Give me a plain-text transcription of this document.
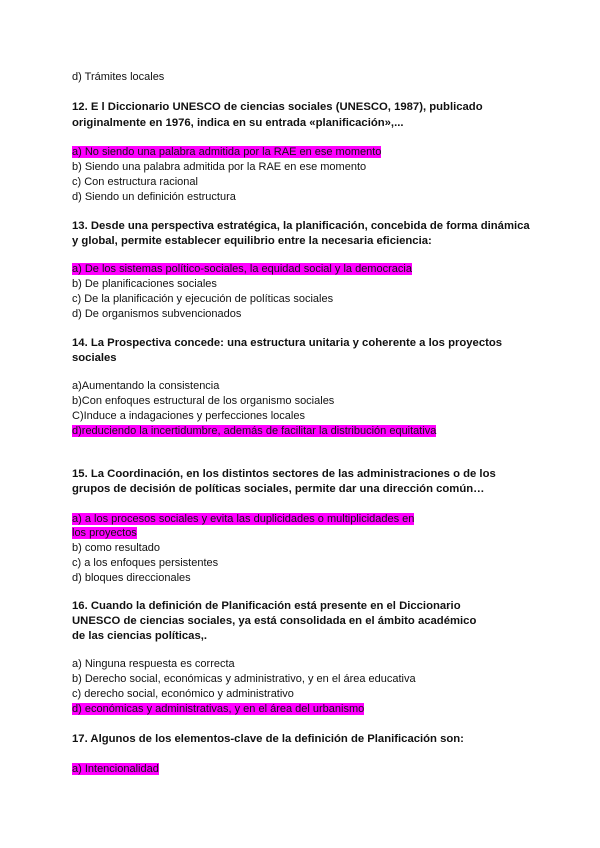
d) Trámites locales
12. E l Diccionario UNESCO de ciencias sociales (UNESCO, 1987), publicado
originalmente en 1976, indica en su entrada «planificación»,...
a) No siendo una palabra admitida por la RAE en ese momento
b) Siendo una palabra admitida por la RAE en ese momento
c) Con estructura racional
d) Siendo un definición estructura
13. Desde una perspectiva estratégica, la planificación, concebida de forma dinámica
y global, permite establecer equilibrio entre la necesaria eficiencia:
a) De los sistemas político-sociales, la equidad social y la democracia
b) De planificaciones sociales
c) De la planificación y ejecución de políticas sociales
d) De organismos subvencionados
14. La Prospectiva concede: una estructura unitaria y coherente a los proyectos
sociales
a)Aumentando la consistencia
b)Con enfoques estructural de los organismo sociales
C)Induce a indagaciones y perfecciones locales
d)reduciendo la incertidumbre, además de facilitar la distribución equitativa
15. La Coordinación, en los distintos sectores de las administraciones o de los
grupos de decisión de políticas sociales, permite dar una dirección común…
a) a los procesos sociales y evita las duplicidades o multiplicidades en
los proyectos
b) como resultado
c) a los enfoques persistentes
d) bloques direccionales
16. Cuando la definición de Planificación está presente en el Diccionario
UNESCO de ciencias sociales, ya está consolidada en el ámbito académico
de las ciencias políticas,.
a) Ninguna respuesta es correcta
b) Derecho social, económicas y administrativo, y en el área educativa
c) derecho social, económico y administrativo
d) económicas y administrativas, y en el área del urbanismo
17. Algunos de los elementos-clave de la definición de Planificación son:
a) Intencionalidad
